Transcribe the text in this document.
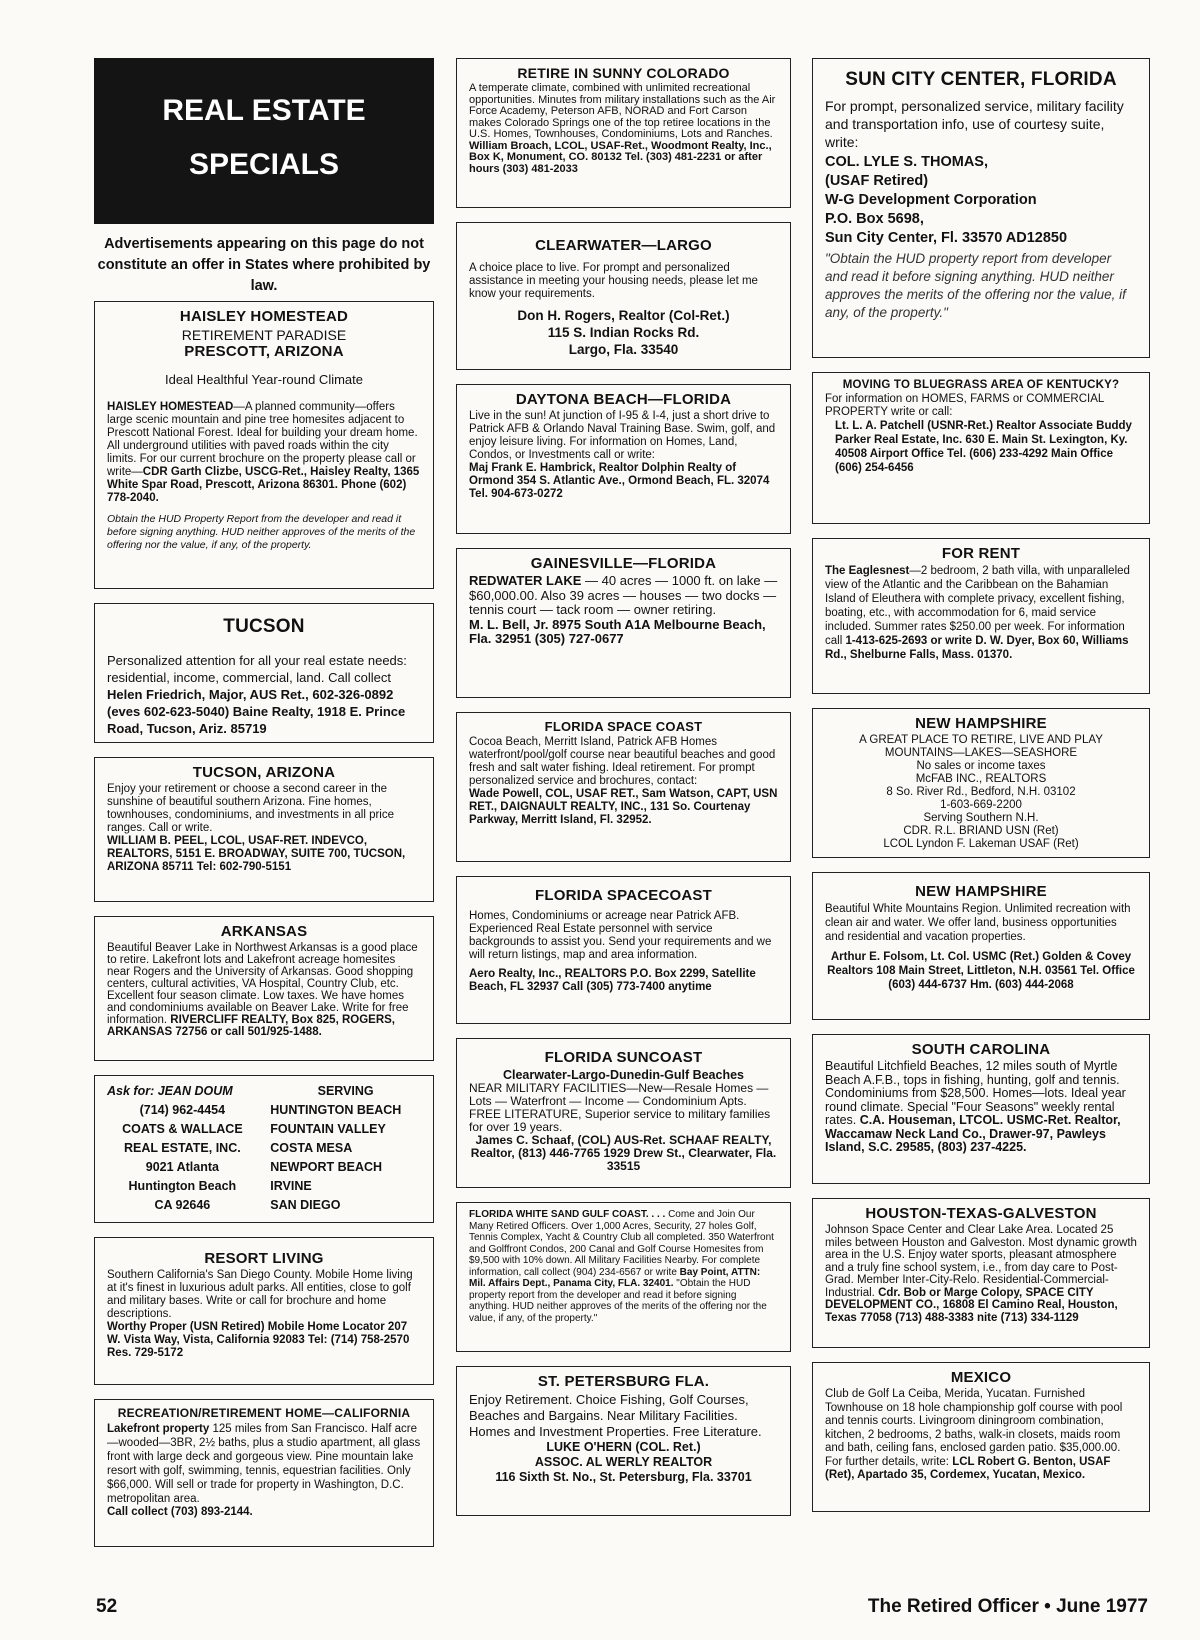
REAL ESTATE
SPECIALS

Advertisements appearing on this page do not constitute an offer in States where prohibited by law.

HAISLEY HOMESTEAD

RETIREMENT PARADISE

PRESCOTT, ARIZONA

Ideal Healthful Year-round Climate

HAISLEY HOMESTEAD—A planned community—offers large scenic mountain and pine tree homesites adjacent to Prescott National Forest. Ideal for building your dream home. All underground utilities with paved roads within the city limits. For our current brochure on the property please call or write—CDR Garth Clizbe, USCG-Ret., Haisley Realty, 1365 White Spar Road, Prescott, Arizona 86301. Phone (602) 778-2040.

Obtain the HUD Property Report from the developer and read it before signing anything. HUD neither approves of the merits of the offering nor the value, if any, of the property.

TUCSON

Personalized attention for all your real estate needs: residential, income, commercial, land. Call collect Helen Friedrich, Major, AUS Ret., 602-326-0892 (eves 602-623-5040) Baine Realty, 1918 E. Prince Road, Tucson, Ariz. 85719

TUCSON, ARIZONA

Enjoy your retirement or choose a second career in the sunshine of beautiful southern Arizona. Fine homes, townhouses, condominiums, and investments in all price ranges. Call or write.

WILLIAM B. PEEL, LCOL, USAF-RET. INDEVCO, REALTORS, 5151 E. BROADWAY, SUITE 700, TUCSON, ARIZONA 85711 Tel: 602-790-5151

ARKANSAS

Beautiful Beaver Lake in Northwest Arkansas is a good place to retire. Lakefront lots and Lakefront acreage homesites near Rogers and the University of Arkansas. Good shopping centers, cultural activities, VA Hospital, Country Club, etc. Excellent four season climate. Low taxes. We have homes and condominiums available on Beaver Lake. Write for free information. RIVERCLIFF REALTY, Box 825, ROGERS, ARKANSAS 72756 or call 501/925-1488.

Ask for: JEAN DOUM

(714) 962-4454

COATS & WALLACE

REAL ESTATE, INC.

9021 Atlanta

Huntington Beach

CA 92646

SERVING

HUNTINGTON BEACH

FOUNTAIN VALLEY

COSTA MESA

NEWPORT BEACH

IRVINE

SAN DIEGO

RESORT LIVING

Southern California's San Diego County. Mobile Home living at it's finest in luxurious adult parks. All entities, close to golf and military bases. Write or call for brochure and home descriptions.

Worthy Proper (USN Retired) Mobile Home Locator 207 W. Vista Way, Vista, California 92083 Tel: (714) 758-2570 Res. 729-5172

RECREATION/RETIREMENT HOME—CALIFORNIA

Lakefront property 125 miles from San Francisco. Half acre—wooded—3BR, 2½ baths, plus a studio apartment, all glass front with large deck and gorgeous view. Pine mountain lake resort with golf, swimming, tennis, equestrian facilities. Only $66,000. Will sell or trade for property in Washington, D.C. metropolitan area.

Call collect (703) 893-2144.

RETIRE IN SUNNY COLORADO

A temperate climate, combined with unlimited recreational opportunities. Minutes from military installations such as the Air Force Academy, Peterson AFB, NORAD and Fort Carson makes Colorado Springs one of the top retiree locations in the U.S. Homes, Townhouses, Condominiums, Lots and Ranches.

William Broach, LCOL, USAF-Ret., Woodmont Realty, Inc., Box K, Monument, CO. 80132 Tel. (303) 481-2231 or after hours (303) 481-2033

CLEARWATER—LARGO

A choice place to live. For prompt and personalized assistance in meeting your housing needs, please let me know your requirements.

Don H. Rogers, Realtor (Col-Ret.)

115 S. Indian Rocks Rd.

Largo, Fla. 33540

DAYTONA BEACH—FLORIDA

Live in the sun! At junction of I-95 & I-4, just a short drive to Patrick AFB & Orlando Naval Training Base. Swim, golf, and enjoy leisure living. For information on Homes, Land, Condos, or Investments call or write:

Maj Frank E. Hambrick, Realtor Dolphin Realty of Ormond 354 S. Atlantic Ave., Ormond Beach, FL. 32074 Tel. 904-673-0272

GAINESVILLE—FLORIDA

REDWATER LAKE — 40 acres — 1000 ft. on lake — $60,000.00. Also 39 acres — houses — two docks — tennis court — tack room — owner retiring.

M. L. Bell, Jr. 8975 South A1A Melbourne Beach, Fla. 32951 (305) 727-0677

FLORIDA SPACE COAST

Cocoa Beach, Merritt Island, Patrick AFB Homes waterfront/pool/golf course near beautiful beaches and good fresh and salt water fishing. Ideal retirement. For prompt personalized service and brochures, contact:

Wade Powell, COL, USAF RET., Sam Watson, CAPT, USN RET., DAIGNAULT REALTY, INC., 131 So. Courtenay Parkway, Merritt Island, Fl. 32952.

FLORIDA SPACECOAST

Homes, Condominiums or acreage near Patrick AFB. Experienced Real Estate personnel with service backgrounds to assist you. Send your requirements and we will return listings, map and area information.

Aero Realty, Inc., REALTORS P.O. Box 2299, Satellite Beach, FL 32937 Call (305) 773-7400 anytime

FLORIDA SUNCOAST

Clearwater-Largo-Dunedin-Gulf Beaches

NEAR MILITARY FACILITIES—New—Resale Homes — Lots — Waterfront — Income — Condominium Apts. FREE LITERATURE, Superior service to military families for over 19 years.

James C. Schaaf, (COL) AUS-Ret. SCHAAF REALTY, Realtor, (813) 446-7765 1929 Drew St., Clearwater, Fla. 33515

FLORIDA WHITE SAND GULF COAST. . . . Come and Join Our Many Retired Officers. Over 1,000 Acres, Security, 27 holes Golf, Tennis Complex, Yacht & Country Club all completed. 350 Waterfront and Golffront Condos, 200 Canal and Golf Course Homesites from $9,500 with 10% down. All Military Facilities Nearby. For complete information, call collect (904) 234-6567 or write Bay Point, ATTN: Mil. Affairs Dept., Panama City, FLA. 32401. "Obtain the HUD property report from the developer and read it before signing anything. HUD neither approves of the merits of the offering nor the value, if any, of the property."

ST. PETERSBURG FLA.

Enjoy Retirement. Choice Fishing, Golf Courses, Beaches and Bargains. Near Military Facilities. Homes and Investment Properties. Free Literature.

LUKE O'HERN (COL. Ret.)

ASSOC. AL WERLY REALTOR

116 Sixth St. No., St. Petersburg, Fla. 33701

SUN CITY CENTER, FLORIDA

For prompt, personalized service, military facility and transportation info, use of courtesy suite, write:

COL. LYLE S. THOMAS,

(USAF Retired)

W-G Development Corporation

P.O. Box 5698,

Sun City Center, Fl. 33570 AD12850

"Obtain the HUD property report from developer and read it before signing anything. HUD neither approves the merits of the offering nor the value, if any, of the property."

MOVING TO BLUEGRASS AREA OF KENTUCKY?

For information on HOMES, FARMS or COMMERCIAL PROPERTY write or call:

Lt. L. A. Patchell (USNR-Ret.) Realtor Associate Buddy Parker Real Estate, Inc. 630 E. Main St. Lexington, Ky. 40508 Airport Office Tel. (606) 233-4292 Main Office (606) 254-6456

FOR RENT

The Eaglesnest—2 bedroom, 2 bath villa, with unparalleled view of the Atlantic and the Caribbean on the Bahamian Island of Eleuthera with complete privacy, excellent fishing, boating, etc., with accommodation for 6, maid service included. Summer rates $250.00 per week. For information call 1-413-625-2693 or write D. W. Dyer, Box 60, Williams Rd., Shelburne Falls, Mass. 01370.

NEW HAMPSHIRE

A GREAT PLACE TO RETIRE, LIVE AND PLAY

MOUNTAINS—LAKES—SEASHORE

No sales or income taxes

McFAB INC., REALTORS

8 So. River Rd., Bedford, N.H. 03102

1-603-669-2200

Serving Southern N.H.

CDR. R.L. BRIAND USN (Ret)

LCOL Lyndon F. Lakeman USAF (Ret)

NEW HAMPSHIRE

Beautiful White Mountains Region. Unlimited recreation with clean air and water. We offer land, business opportunities and residential and vacation properties.

Arthur E. Folsom, Lt. Col. USMC (Ret.) Golden & Covey Realtors 108 Main Street, Littleton, N.H. 03561 Tel. Office (603) 444-6737 Hm. (603) 444-2068

SOUTH CAROLINA

Beautiful Litchfield Beaches, 12 miles south of Myrtle Beach A.F.B., tops in fishing, hunting, golf and tennis. Condominiums from $28,500. Homes—lots. Ideal year round climate. Special "Four Seasons" weekly rental rates. C.A. Houseman, LTCOL. USMC-Ret. Realtor, Waccamaw Neck Land Co., Drawer-97, Pawleys Island, S.C. 29585, (803) 237-4225.

HOUSTON-TEXAS-GALVESTON

Johnson Space Center and Clear Lake Area. Located 25 miles between Houston and Galveston. Most dynamic growth area in the U.S. Enjoy water sports, pleasant atmosphere and a truly fine school system, i.e., from day care to Post-Grad. Member Inter-City-Relo. Residential-Commercial-Industrial. Cdr. Bob or Marge Colopy, SPACE CITY DEVELOPMENT CO., 16808 El Camino Real, Houston, Texas 77058 (713) 488-3383 nite (713) 334-1129

MEXICO

Club de Golf La Ceiba, Merida, Yucatan. Furnished Townhouse on 18 hole championship golf course with pool and tennis courts. Livingroom diningroom combination, kitchen, 2 bedrooms, 2 baths, walk-in closets, maids room and bath, ceiling fans, enclosed garden patio. $35,000.00. For further details, write: LCL Robert G. Benton, USAF (Ret), Apartado 35, Cordemex, Yucatan, Mexico.

52	The Retired Officer • June 1977
